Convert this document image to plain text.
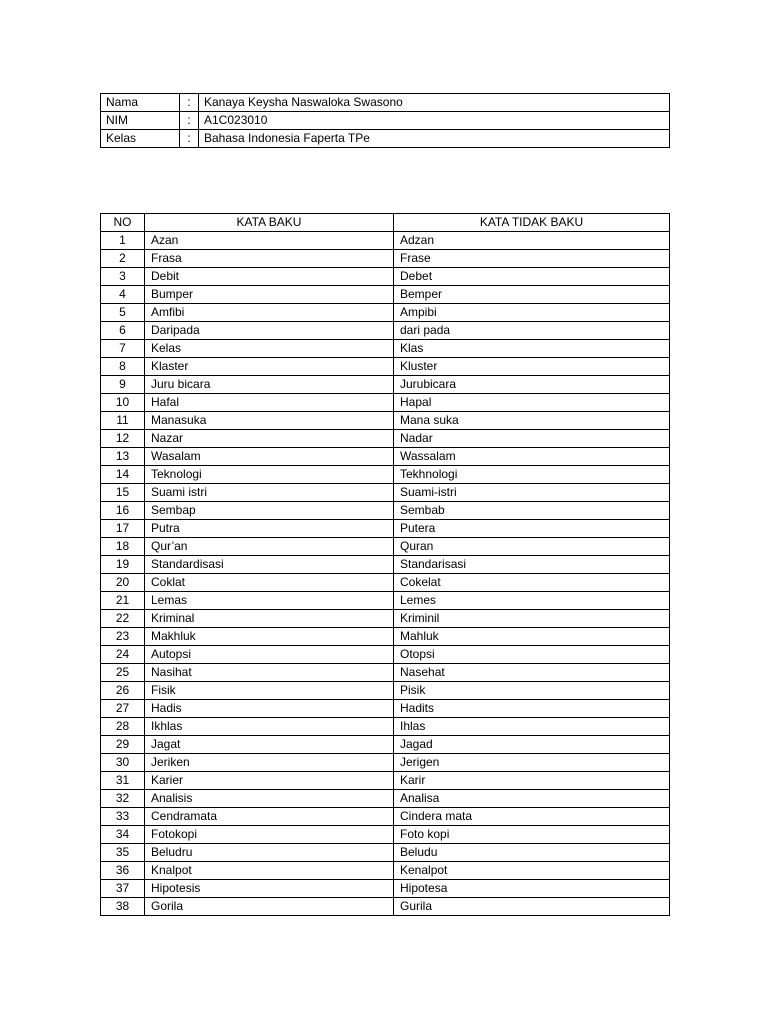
Nama	:	Kanaya Keysha Naswaloka Swasono
NIM	:	A1C023010
Kelas	:	Bahasa Indonesia Faperta TPe
NO	KATA BAKU	KATA TIDAK BAKU
1	Azan	Adzan
2	Frasa	Frase
3	Debit	Debet
4	Bumper	Bemper
5	Amfibi	Ampibi
6	Daripada	dari pada
7	Kelas	Klas
8	Klaster	Kluster
9	Juru bicara	Jurubicara
10	Hafal	Hapal
11	Manasuka	Mana suka
12	Nazar	Nadar
13	Wasalam	Wassalam
14	Teknologi	Tekhnologi
15	Suami istri	Suami-istri
16	Sembap	Sembab
17	Putra	Putera
18	Qur’an	Quran
19	Standardisasi	Standarisasi
20	Coklat	Cokelat
21	Lemas	Lemes
22	Kriminal	Kriminil
23	Makhluk	Mahluk
24	Autopsi	Otopsi
25	Nasihat	Nasehat
26	Fisik	Pisik
27	Hadis	Hadits
28	Ikhlas	Ihlas
29	Jagat	Jagad
30	Jeriken	Jerigen
31	Karier	Karir
32	Analisis	Analisa
33	Cendramata	Cindera mata
34	Fotokopi	Foto kopi
35	Beludru	Beludu
36	Knalpot	Kenalpot
37	Hipotesis	Hipotesa
38	Gorila	Gurila
